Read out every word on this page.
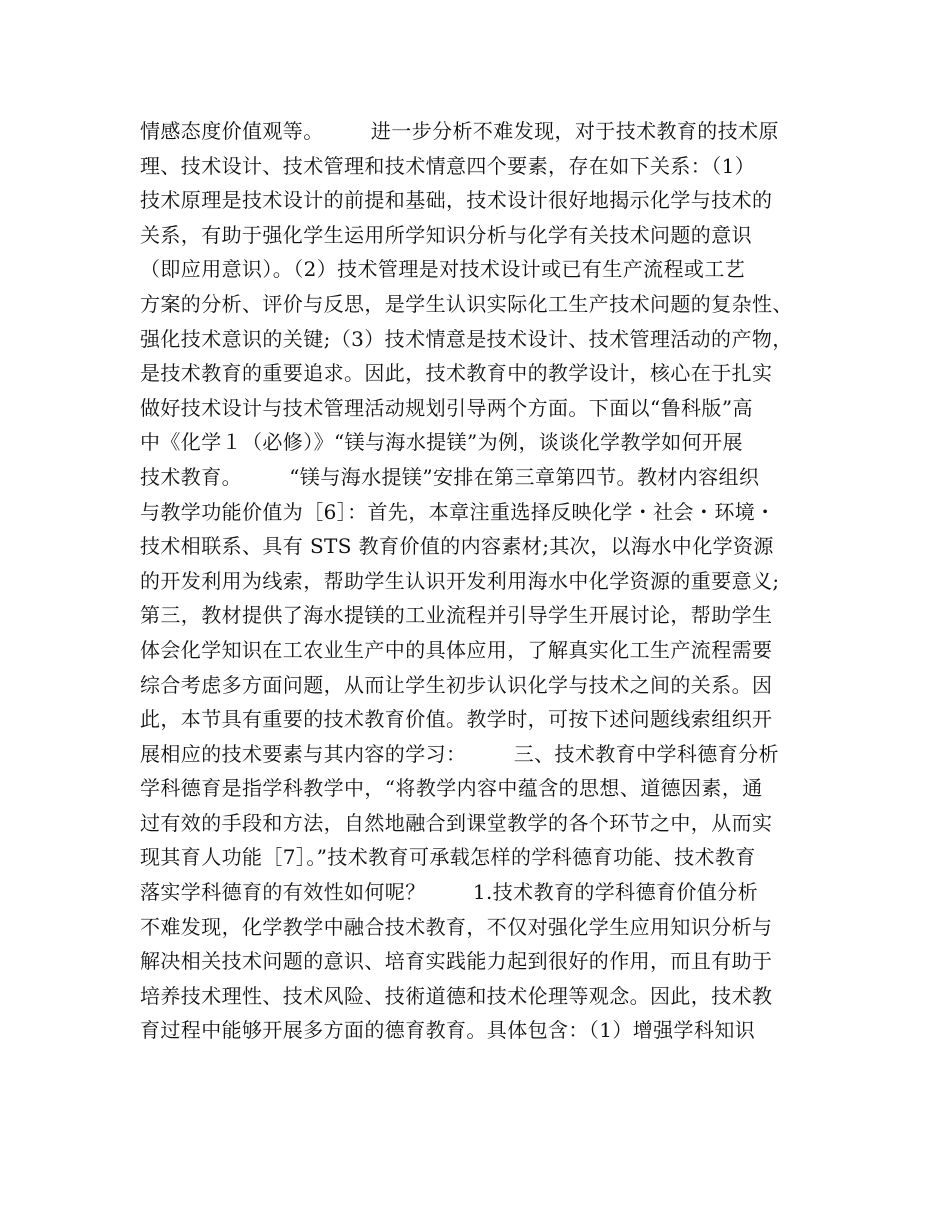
情感态度价值观等。       进一步分析不难发现，对于技术教育的技术原
理、技术设计、技术管理和技术情意四个要素，存在如下关系：（1）
技术原理是技术设计的前提和基础，技术设计很好地揭示化学与技术的
关系，有助于强化学生运用所学知识分析与化学有关技术问题的意识
（即应用意识）。（2）技术管理是对技术设计或已有生产流程或工艺
方案的分析、评价与反思，是学生认识实际化工生产技术问题的复杂性、
强化技术意识的关键;（3）技术情意是技术设计、技术管理活动的产物，
是技术教育的重要追求。因此，技术教育中的教学设计，核心在于扎实
做好技术设计与技术管理活动规划引导两个方面。下面以“鲁科版”高
中《化学１（必修）》“镁与海水提镁”为例，谈谈化学教学如何开展
技术教育。       “镁与海水提镁”安排在第三章第四节。教材内容组织
与教学功能价值为［6］：首先，本章注重选择反映化学・社会・环境・
技术相联系、具有 STS 教育价值的内容素材;其次，以海水中化学资源
的开发利用为线索，帮助学生认识开发利用海水中化学资源的重要意义;
第三，教材提供了海水提镁的工业流程并引导学生开展讨论，帮助学生
体会化学知识在工农业生产中的具体应用，了解真实化工生产流程需要
综合考虑多方面问题，从而让学生初步认识化学与技术之间的关系。因
此，本节具有重要的技术教育价值。教学时，可按下述问题线索组织开
展相应的技术要素与其内容的学习：       三、技术教育中学科德育分析
学科德育是指学科教学中，“将教学内容中蕴含的思想、道德因素，通
过有效的手段和方法，自然地融合到课堂教学的各个环节之中，从而实
现其育人功能［7］。”技术教育可承载怎样的学科德育功能、技术教育
落实学科德育的有效性如何呢？       1.技术教育的学科德育价值分析
不难发现，化学教学中融合技术教育，不仅对强化学生应用知识分析与
解决相关技术问题的意识、培育实践能力起到很好的作用，而且有助于
培养技术理性、技术风险、技術道德和技术伦理等观念。因此，技术教
育过程中能够开展多方面的德育教育。具体包含：（1）增强学科知识
